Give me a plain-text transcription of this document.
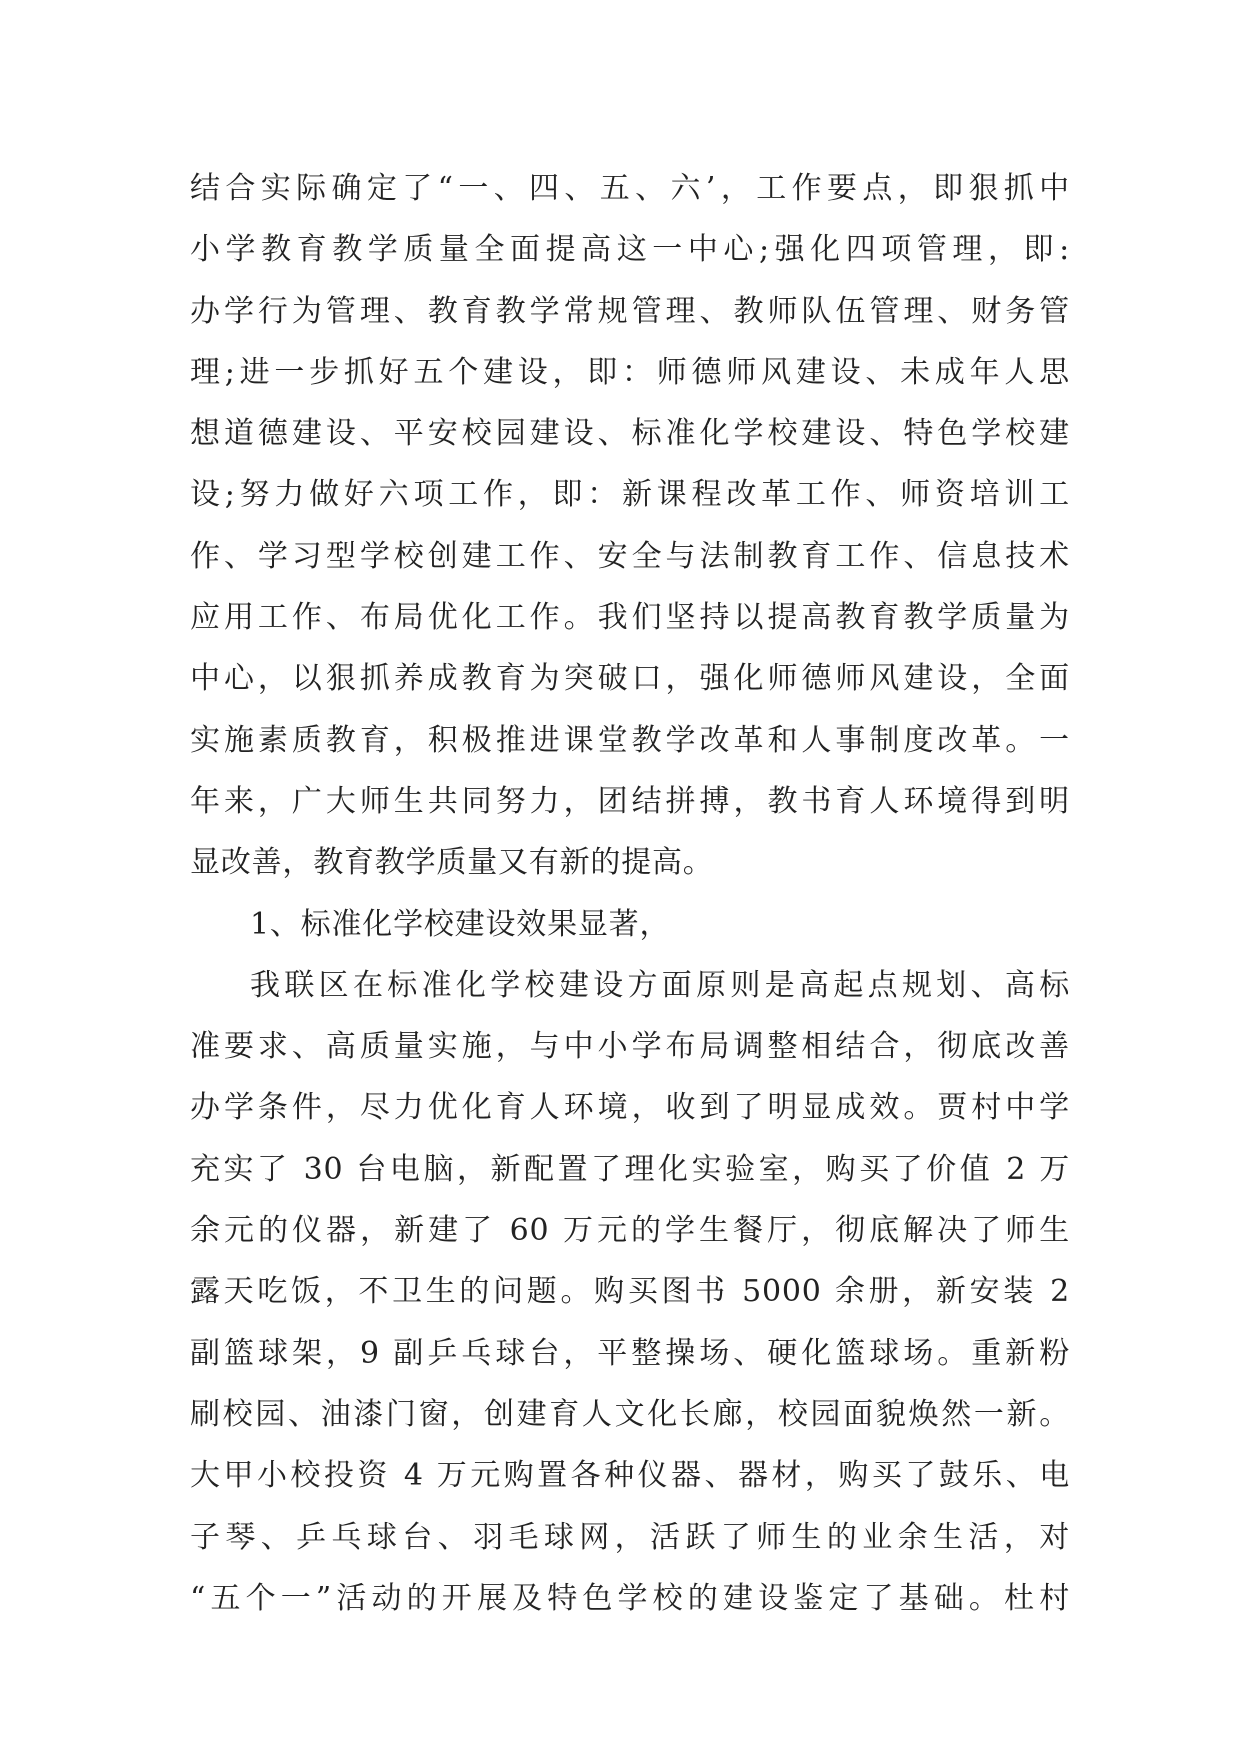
结合实际确定了“一、四、五、六’，工作要点，即狠抓中
小学教育教学质量全面提高这一中心;强化四项管理，即:
办学行为管理、教育教学常规管理、教师队伍管理、财务管
理;进一步抓好五个建设，即：师德师风建设、未成年人思
想道德建设、平安校园建设、标准化学校建设、特色学校建
设;努力做好六项工作，即：新课程改革工作、师资培训工
作、学习型学校创建工作、安全与法制教育工作、信息技术
应用工作、布局优化工作。我们坚持以提高教育教学质量为
中心，以狠抓养成教育为突破口，强化师德师风建设，全面
实施素质教育，积极推进课堂教学改革和人事制度改革。一
年来，广大师生共同努力，团结拼搏，教书育人环境得到明
显改善，教育教学质量又有新的提高。
1、标准化学校建设效果显著，
我联区在标准化学校建设方面原则是高起点规划、高标
准要求、高质量实施，与中小学布局调整相结合，彻底改善
办学条件，尽力优化育人环境，收到了明显成效。贾村中学
充实了 30 台电脑，新配置了理化实验室，购买了价值 2 万
余元的仪器，新建了 60 万元的学生餐厅，彻底解决了师生
露天吃饭，不卫生的问题。购买图书 5000 余册，新安装 2
副篮球架，9 副乒乓球台，平整操场、硬化篮球场。重新粉
刷校园、油漆门窗，创建育人文化长廊，校园面貌焕然一新。
大甲小校投资 4 万元购置各种仪器、器材，购买了鼓乐、电
子琴、乒乓球台、羽毛球网，活跃了师生的业余生活，对
“五个一”活动的开展及特色学校的建设鉴定了基础。杜村
